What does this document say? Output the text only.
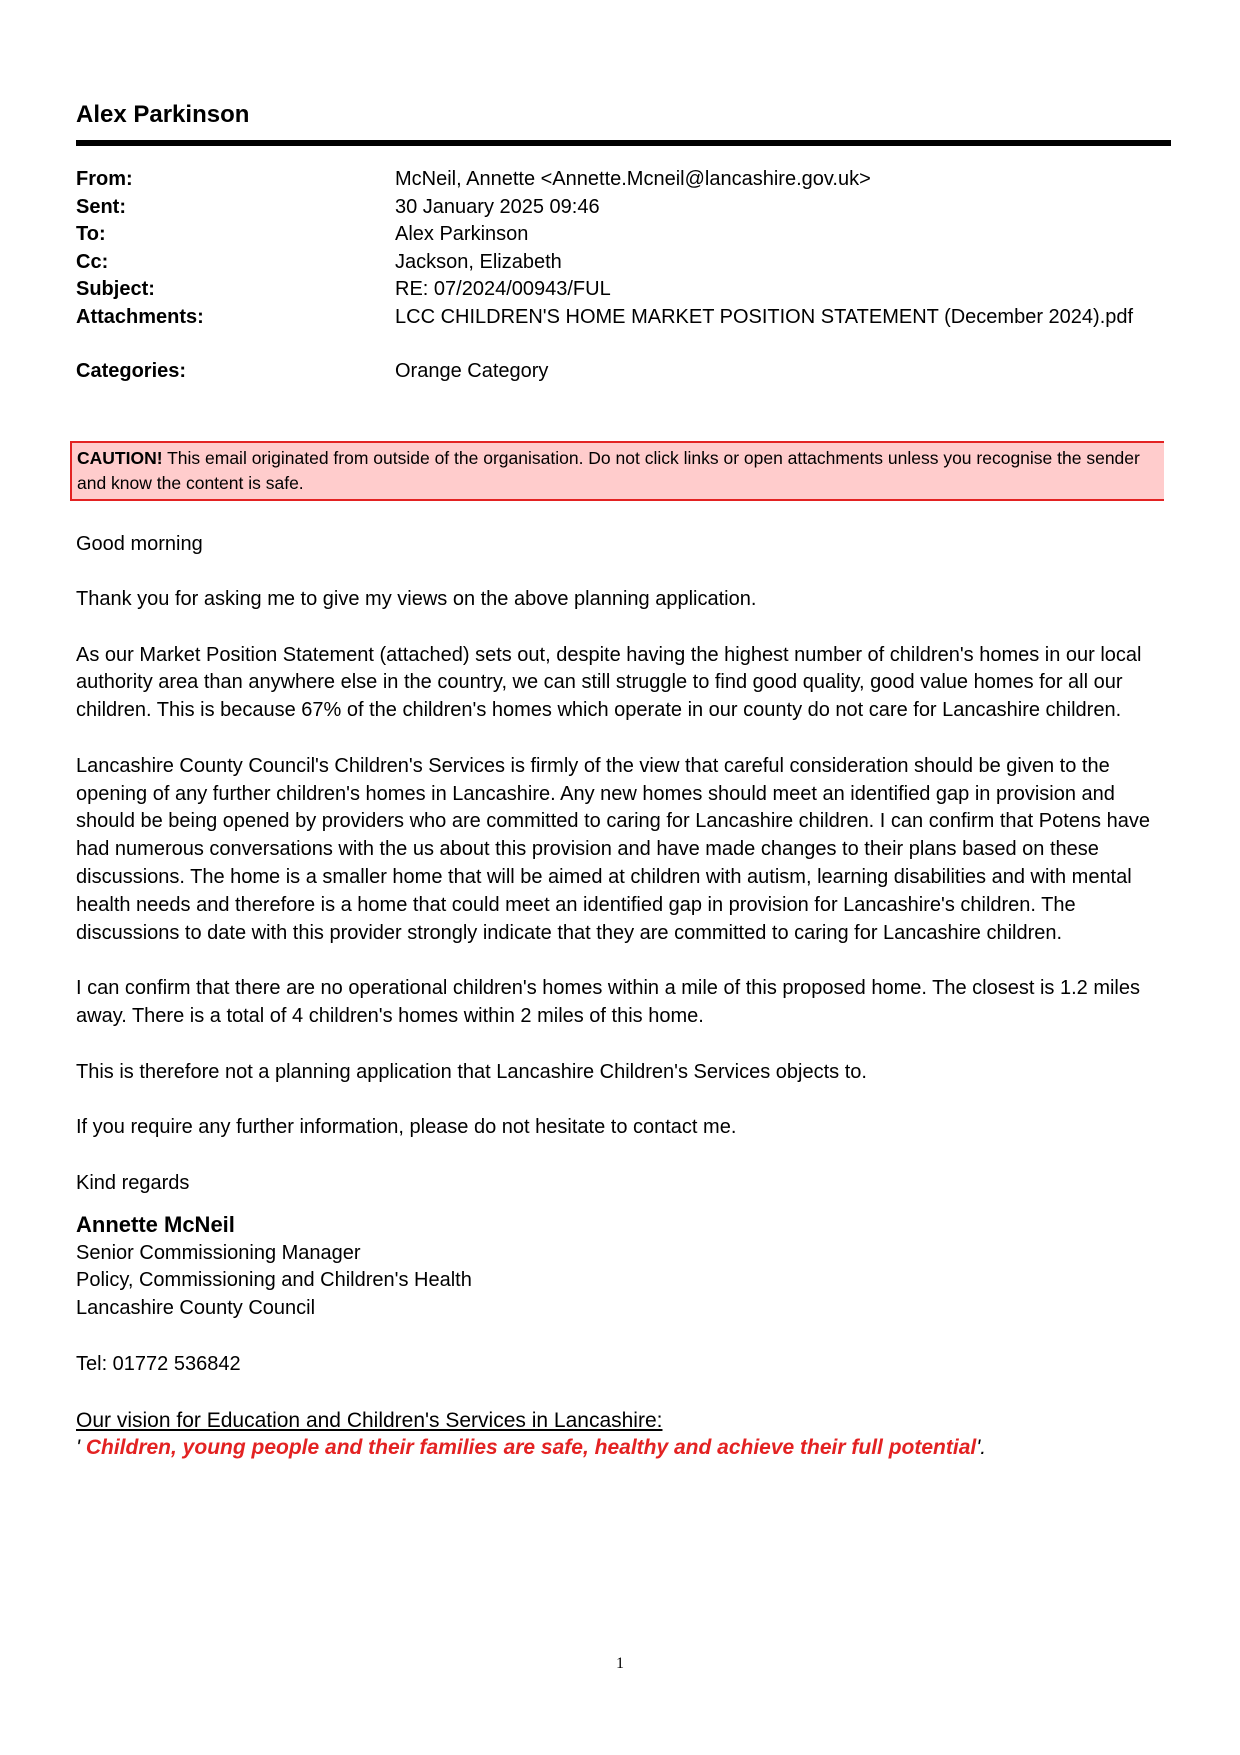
Alex Parkinson
From:	McNeil, Annette <Annette.Mcneil@lancashire.gov.uk>
Sent:	30 January 2025 09:46
To:	Alex Parkinson
Cc:	Jackson, Elizabeth
Subject:	RE: 07/2024/00943/FUL
Attachments:	LCC CHILDREN'S HOME MARKET POSITION STATEMENT (December 2024).pdf
Categories:	Orange Category
CAUTION! This email originated from outside of the organisation. Do not click links or open attachments unless you recognise the sender and know the content is safe.

Good morning

Thank you for asking me to give my views on the above planning application.

As our Market Position Statement (attached) sets out, despite having the highest number of children's homes in our local authority area than anywhere else in the country, we can still struggle to find good quality, good value homes for all our children. This is because 67% of the children's homes which operate in our county do not care for Lancashire children.

Lancashire County Council's Children's Services is firmly of the view that careful consideration should be given to the opening of any further children's homes in Lancashire. Any new homes should meet an identified gap in provision and should be being opened by providers who are committed to caring for Lancashire children. I can confirm that Potens have had numerous conversations with the us about this provision and have made changes to their plans based on these discussions. The home is a smaller home that will be aimed at children with autism, learning disabilities and with mental health needs and therefore is a home that could meet an identified gap in provision for Lancashire's children. The discussions to date with this provider strongly indicate that they are committed to caring for Lancashire children.

I can confirm that there are no operational children's homes within a mile of this proposed home. The closest is 1.2 miles away. There is a total of 4 children's homes within 2 miles of this home.

This is therefore not a planning application that Lancashire Children's Services objects to.

If you require any further information, please do not hesitate to contact me.

Kind regards

Annette McNeil
Senior Commissioning Manager
Policy, Commissioning and Children's Health
Lancashire County Council
Tel: 01772 536842
Our vision for Education and Children's Services in Lancashire:
' Children, young people and their families are safe, healthy and achieve their full potential'.
1
